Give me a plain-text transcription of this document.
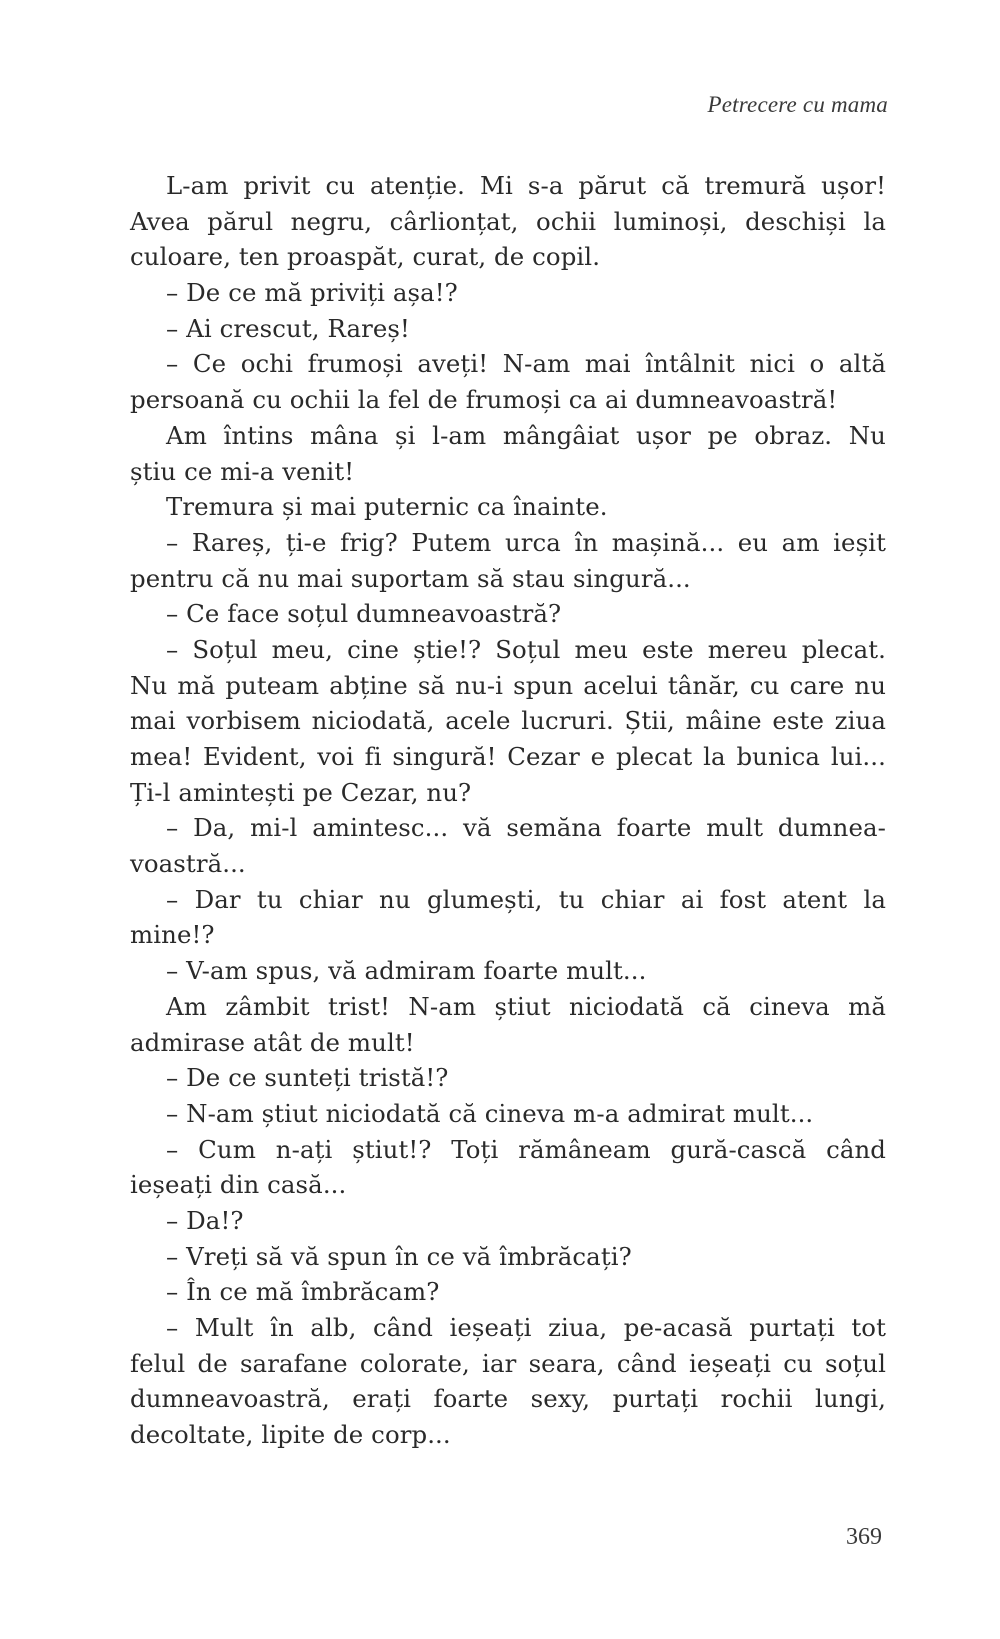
Petrecere cu mama
L-am privit cu atenție. Mi s-a părut că tremură ușor!
Avea părul negru, cârlionțat, ochii luminoși, deschiși la
culoare, ten proaspăt, curat, de copil.
– De ce mă priviți așa!?
– Ai crescut, Rareș!
– Ce ochi frumoși aveți! N-am mai întâlnit nici o altă
persoană cu ochii la fel de frumoși ca ai dumneavoastră!
Am întins mâna și l-am mângâiat ușor pe obraz. Nu
știu ce mi-a venit!
Tremura și mai puternic ca înainte.
– Rareș, ți-e frig? Putem urca în mașină... eu am ieșit
pentru că nu mai suportam să stau singură...
– Ce face soțul dumneavoastră?
– Soțul meu, cine știe!? Soțul meu este mereu plecat.
Nu mă puteam abține să nu-i spun acelui tânăr, cu care nu
mai vorbisem niciodată, acele lucruri. Știi, mâine este ziua
mea! Evident, voi fi singură! Cezar e plecat la bunica lui...
Ți-l amintești pe Cezar, nu?
– Da, mi-l amintesc... vă semăna foarte mult dumnea-
voastră...
– Dar tu chiar nu glumești, tu chiar ai fost atent la
mine!?
– V-am spus, vă admiram foarte mult...
Am zâmbit trist! N-am știut niciodată că cineva mă
admirase atât de mult!
– De ce sunteți tristă!?
– N-am știut niciodată că cineva m-a admirat mult...
– Cum n-ați știut!? Toți rămâneam gură-cască când
ieșeați din casă...
– Da!?
– Vreți să vă spun în ce vă îmbrăcați?
– În ce mă îmbrăcam?
– Mult în alb, când ieșeați ziua, pe-acasă purtați tot
felul de sarafane colorate, iar seara, când ieșeați cu soțul
dumneavoastră, erați foarte sexy, purtați rochii lungi,
decoltate, lipite de corp...
369
